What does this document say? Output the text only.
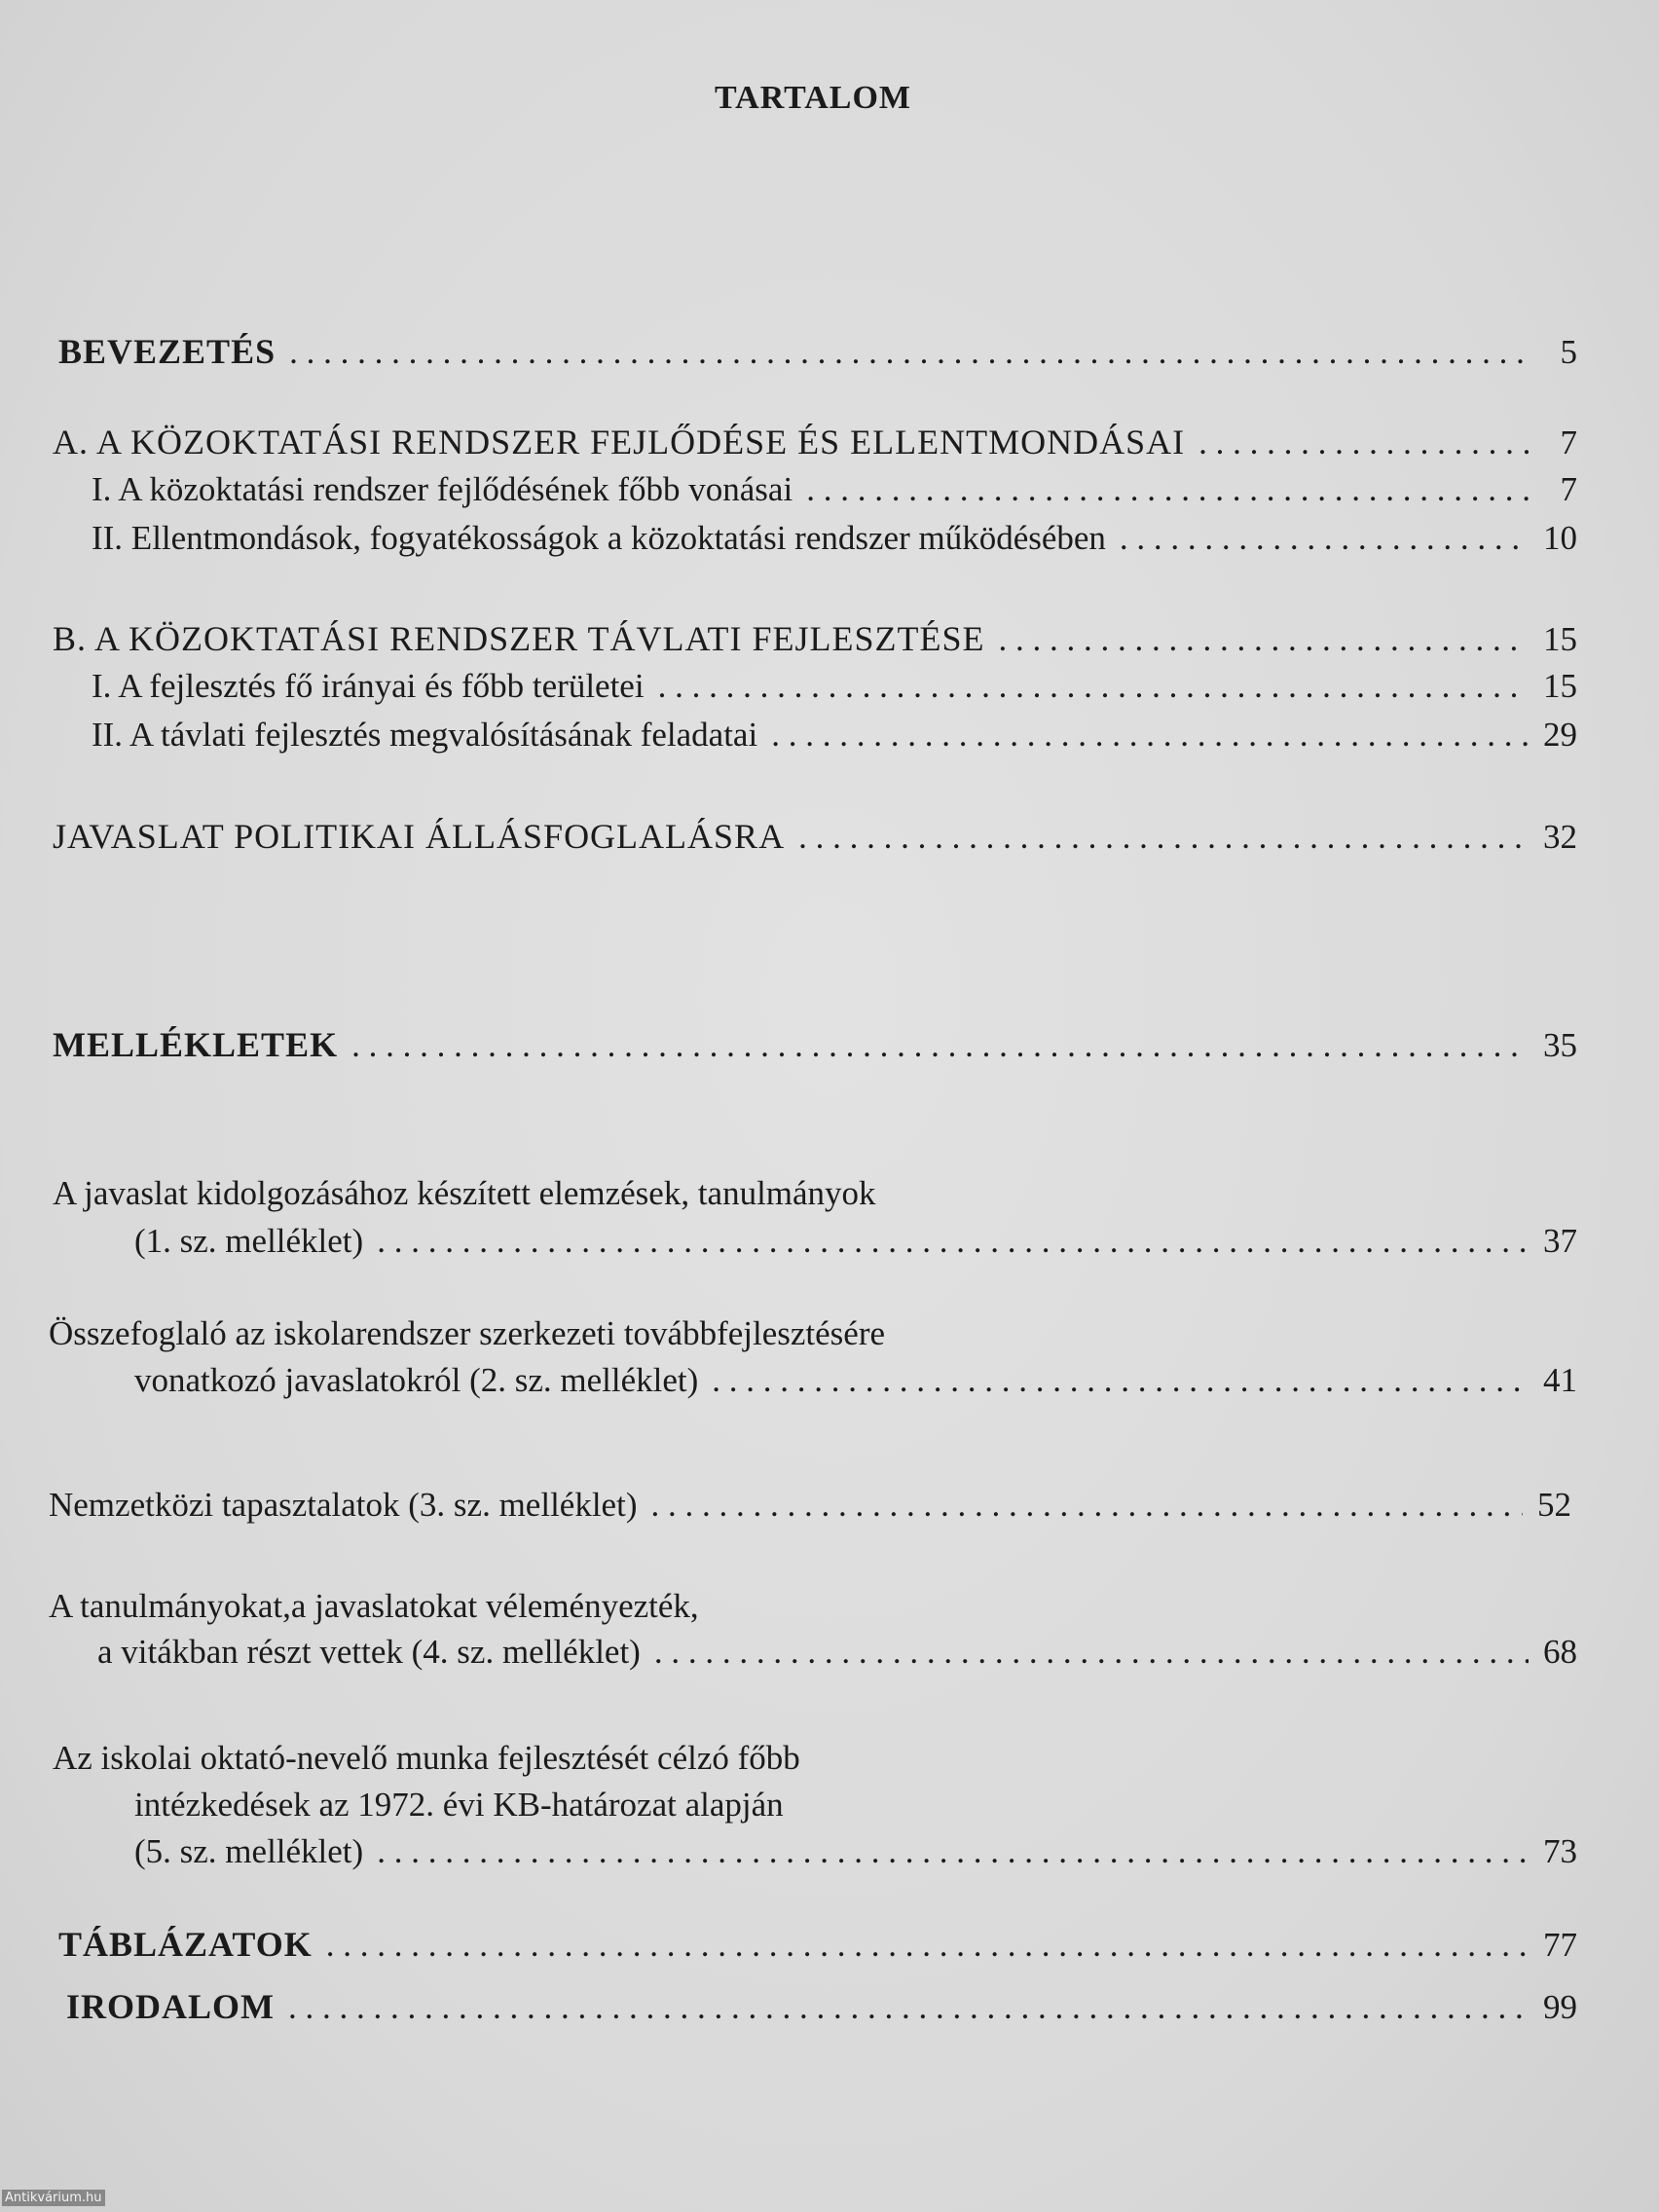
TARTALOM
BEVEZETÉS . . .	5
A. A KÖZOKTATÁSI RENDSZER FEJLŐDÉSE ÉS ELLENTMONDÁSAI . . .	7
I. A közoktatási rendszer fejlődésének főbb vonásai . . .	7
II. Ellentmondások, fogyatékosságok a közoktatási rendszer működésében . . .	10
B. A KÖZOKTATÁSI RENDSZER TÁVLATI FEJLESZTÉSE . . .	15
I. A fejlesztés fő irányai és főbb területei . . .	15
II. A távlati fejlesztés megvalósításának feladatai . . .	29
JAVASLAT POLITIKAI ÁLLÁSFOGLALÁSRA . . .	32
MELLÉKLETEK . . .	35
A javaslat kidolgozásához készített elemzések, tanulmányok
(1. sz. melléklet) . . .	37
Összefoglaló az iskolarendszer szerkezeti továbbfejlesztésére
vonatkozó javaslatokról (2. sz. melléklet) . . .	41
Nemzetközi tapasztalatok (3. sz. melléklet) . . .	52
A tanulmányokat,a javaslatokat véleményezték,
a vitákban részt vettek (4. sz. melléklet) . . .	68
Az iskolai oktató-nevelő munka fejlesztését célzó főbb
intézkedések az 1972. évi KB-határozat alapján
(5. sz. melléklet) . . .	73
TÁBLÁZATOK . . .	77
IRODALOM . . .	99
Antikvárium.hu
